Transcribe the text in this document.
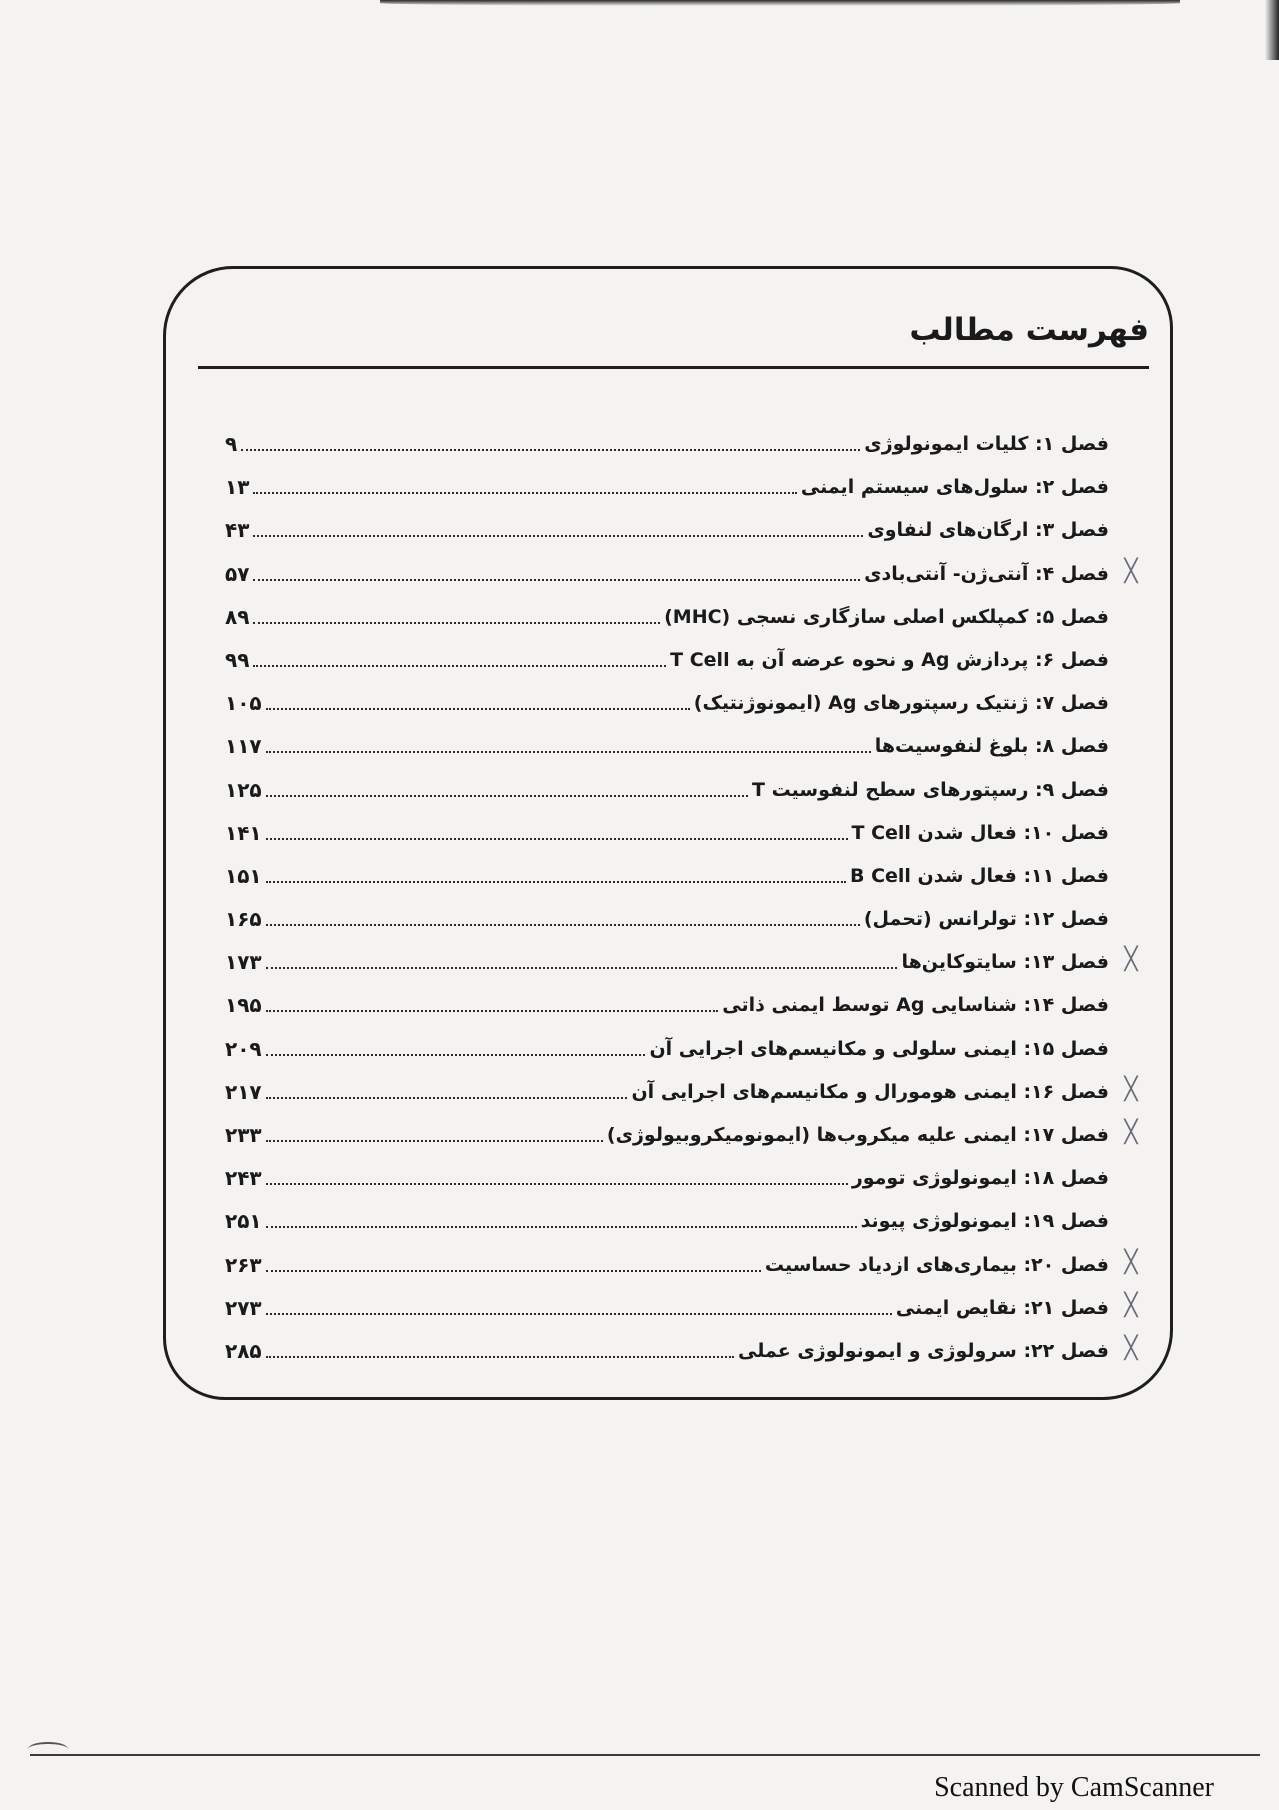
فهرست مطالب
۹	فصل ۱: کلیات ایمونولوژی
۱۳	فصل ۲: سلول‌های سیستم ایمنی
۴۳	فصل ۳: ارگان‌های لنفاوی
۵۷	فصل ۴: آنتی‌ژن- آنتی‌بادی ╳
۸۹	فصل ۵: کمپلکس اصلی سازگاری نسجی (MHC)
۹۹	فصل ۶: پردازش Ag و نحوه عرضه آن به T Cell
۱۰۵	فصل ۷: ژنتیک رسپتورهای Ag (ایمونوژنتیک)
۱۱۷	فصل ۸: بلوغ لنفوسیت‌ها
۱۲۵	فصل ۹: رسپتورهای سطح لنفوسیت T
۱۴۱	فصل ۱۰: فعال شدن T Cell
۱۵۱	فصل ۱۱: فعال شدن B Cell
۱۶۵	فصل ۱۲: تولرانس (تحمل)
۱۷۳	فصل ۱۳: سایتوکاین‌ها ╳
۱۹۵	فصل ۱۴: شناسایی Ag توسط ایمنی ذاتی
۲۰۹	فصل ۱۵: ایمنی سلولی و مکانیسم‌های اجرایی آن
۲۱۷	فصل ۱۶: ایمنی هومورال و مکانیسم‌های اجرایی آن ╳
۲۳۳	فصل ۱۷: ایمنی علیه میکروب‌ها (ایمونومیکروبیولوژی) ╳
۲۴۳	فصل ۱۸: ایمونولوژی تومور
۲۵۱	فصل ۱۹: ایمونولوژی پیوند
۲۶۳	فصل ۲۰: بیماری‌های ازدیاد حساسیت ╳
۲۷۳	فصل ۲۱: نقایص ایمنی ╳
۲۸۵	فصل ۲۲: سرولوژی و ایمونولوژی عملی ╳
Scanned by CamScanner
